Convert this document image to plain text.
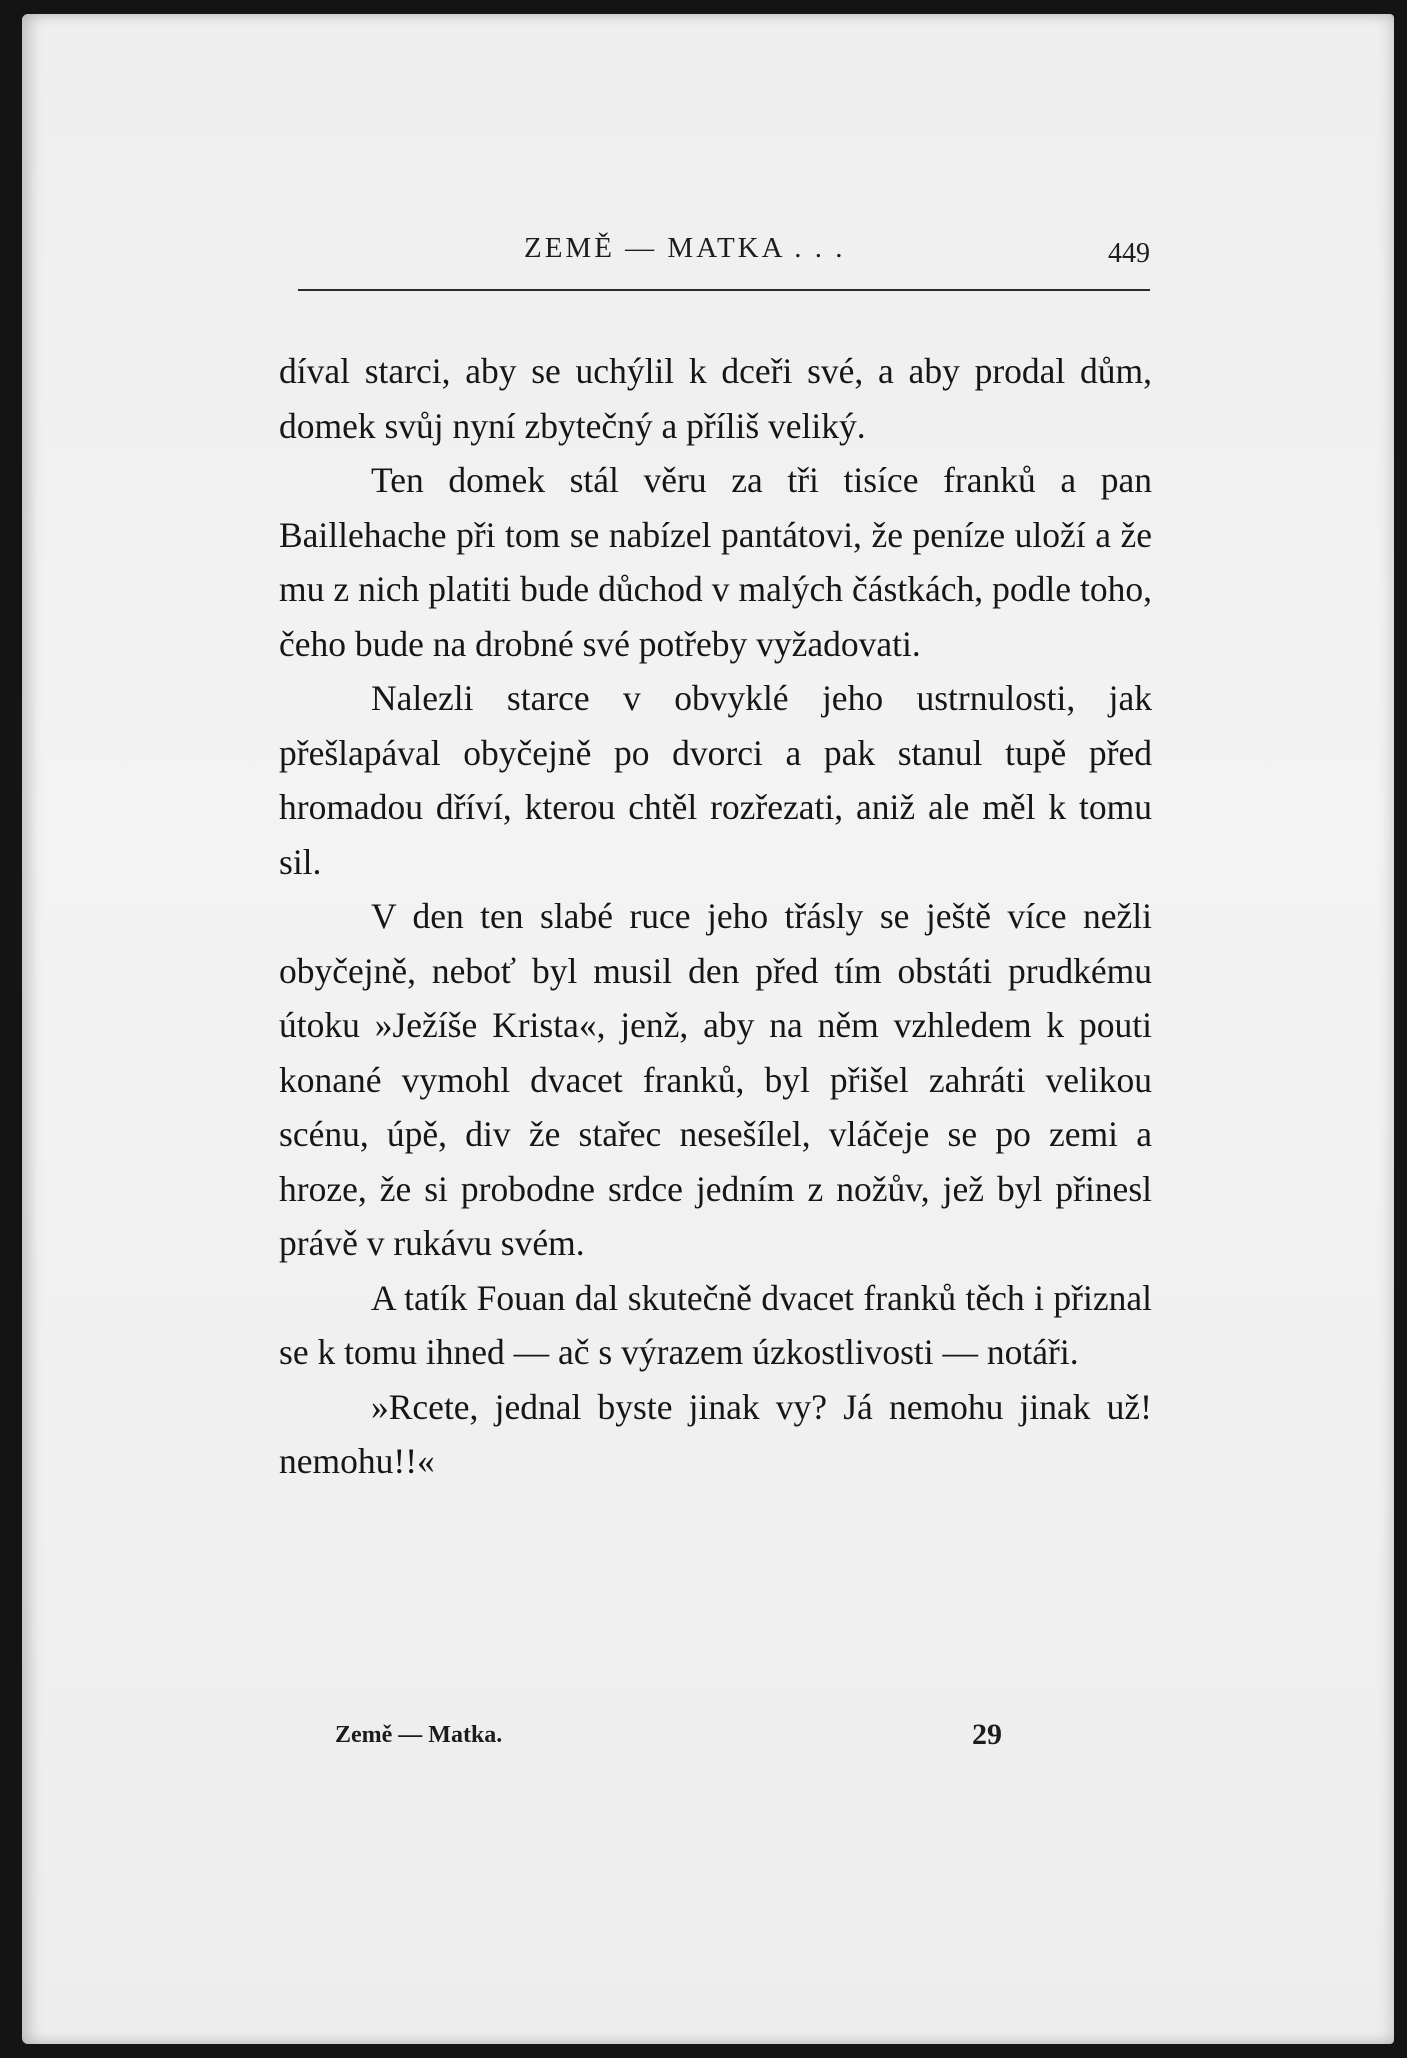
ZEMĚ — MATKA . . .	449

díval starci, aby se uchýlil k dceři své, a aby prodal dům, domek svůj nyní zbytečný a příliš veliký.

Ten domek stál věru za tři tisíce franků a pan Baillehache při tom se nabízel pantátovi, že peníze uloží a že mu z nich platiti bude důchod v malých částkách, podle toho, čeho bude na drobné své potřeby vyžadovati.

Nalezli starce v obvyklé jeho ustrnulosti, jak přešlapával obyčejně po dvorci a pak stanul tupě před hromadou dříví, kterou chtěl rozřezati, aniž ale měl k tomu sil.

V den ten slabé ruce jeho třásly se ještě více nežli obyčejně, neboť byl musil den před tím obstáti prudkému útoku »Ježíše Krista«, jenž, aby na něm vzhledem k pouti konané vymohl dvacet franků, byl přišel zahráti velikou scénu, úpě, div že stařec nesešílel, vláčeje se po zemi a hroze, že si probodne srdce jedním z nožův, jež byl přinesl právě v rukávu svém.

A tatík Fouan dal skutečně dvacet franků těch i přiznal se k tomu ihned — ač s výrazem úzkostlivosti — notáři.

»Rcete, jednal byste jinak vy? Já nemohu jinak už! nemohu!!«

Země — Matka.	29
